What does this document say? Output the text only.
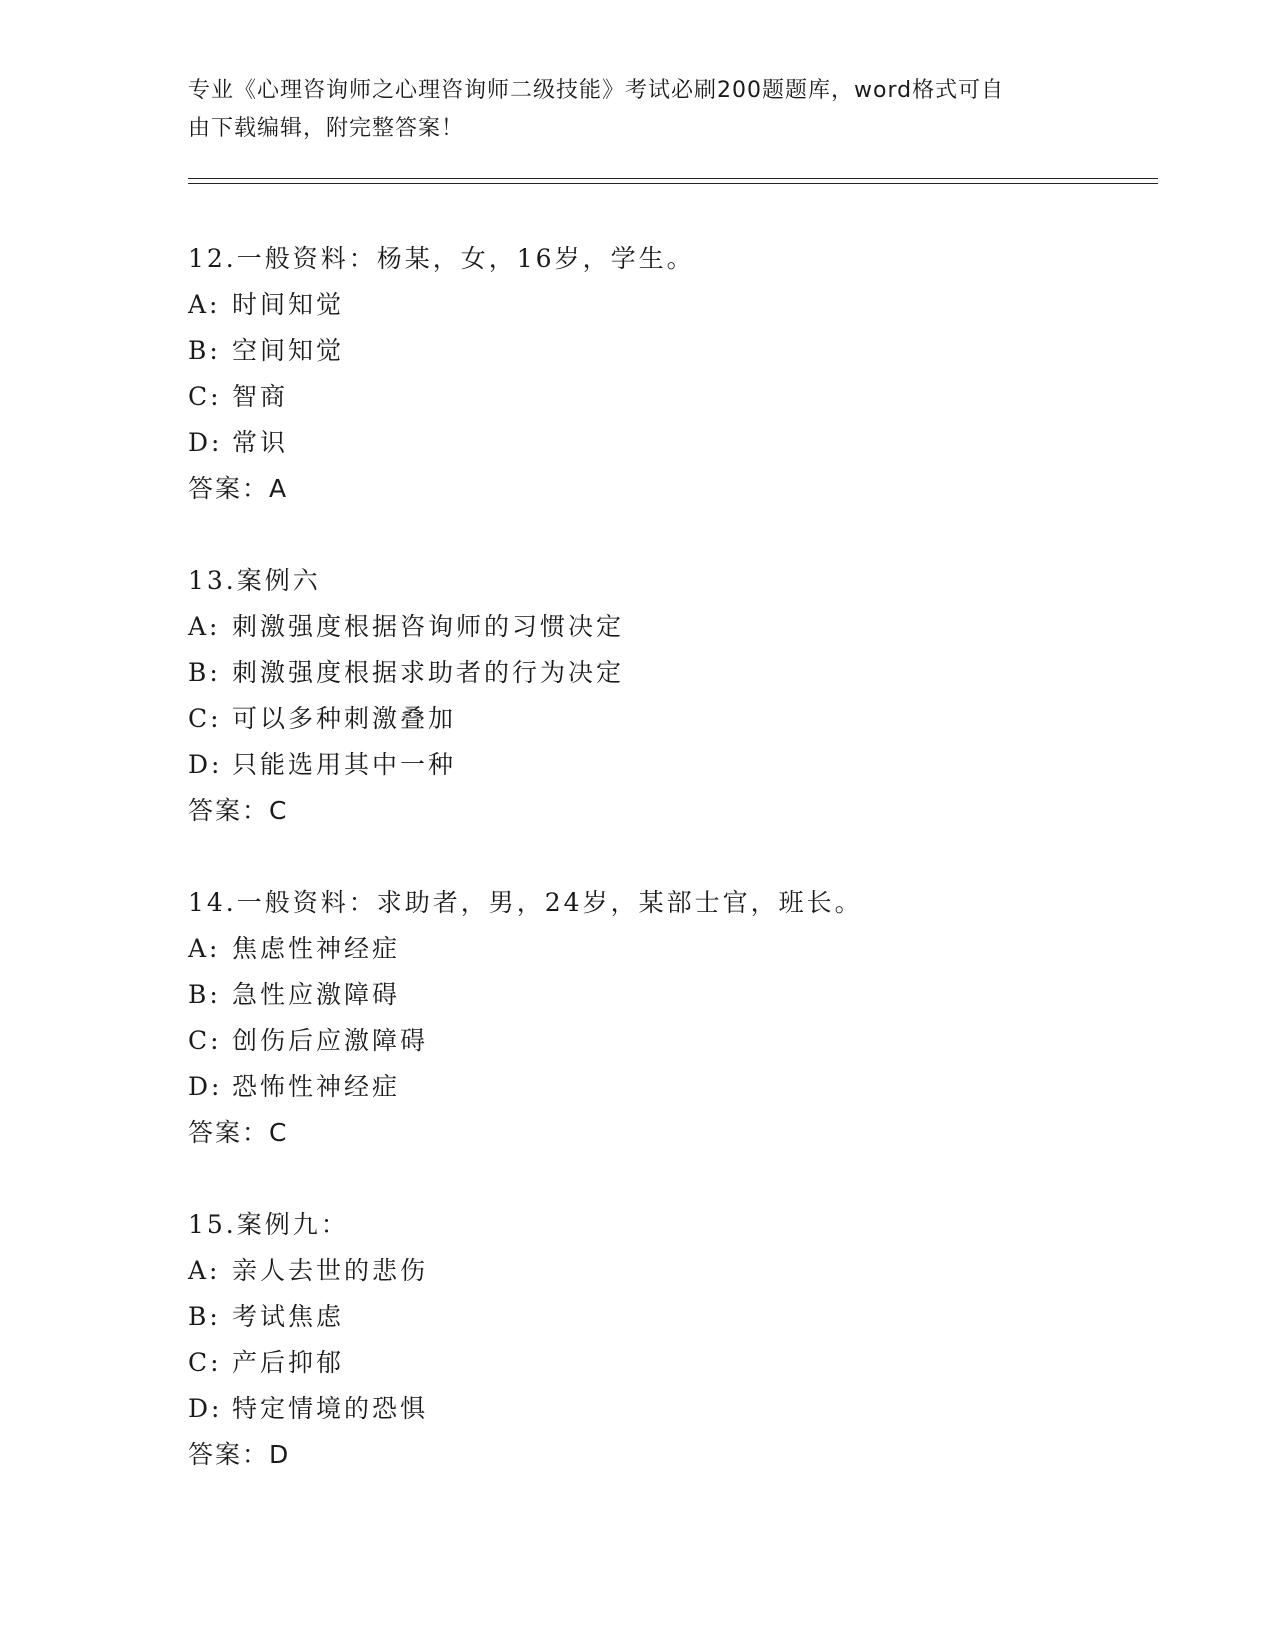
专业《心理咨询师之心理咨询师二级技能》考试必刷200题题库，word格式可自
由下载编辑，附完整答案！
12.一般资料：杨某，女，16岁，学生。
A: 时间知觉
B: 空间知觉
C: 智商
D: 常识
答案：A
13.案例六
A: 刺激强度根据咨询师的习惯决定
B: 刺激强度根据求助者的行为决定
C: 可以多种刺激叠加
D: 只能选用其中一种
答案：C
14.一般资料：求助者，男，24岁，某部士官，班长。
A: 焦虑性神经症
B: 急性应激障碍
C: 创伤后应激障碍
D: 恐怖性神经症
答案：C
15.案例九：
A: 亲人去世的悲伤
B: 考试焦虑
C: 产后抑郁
D: 特定情境的恐惧
答案：D
